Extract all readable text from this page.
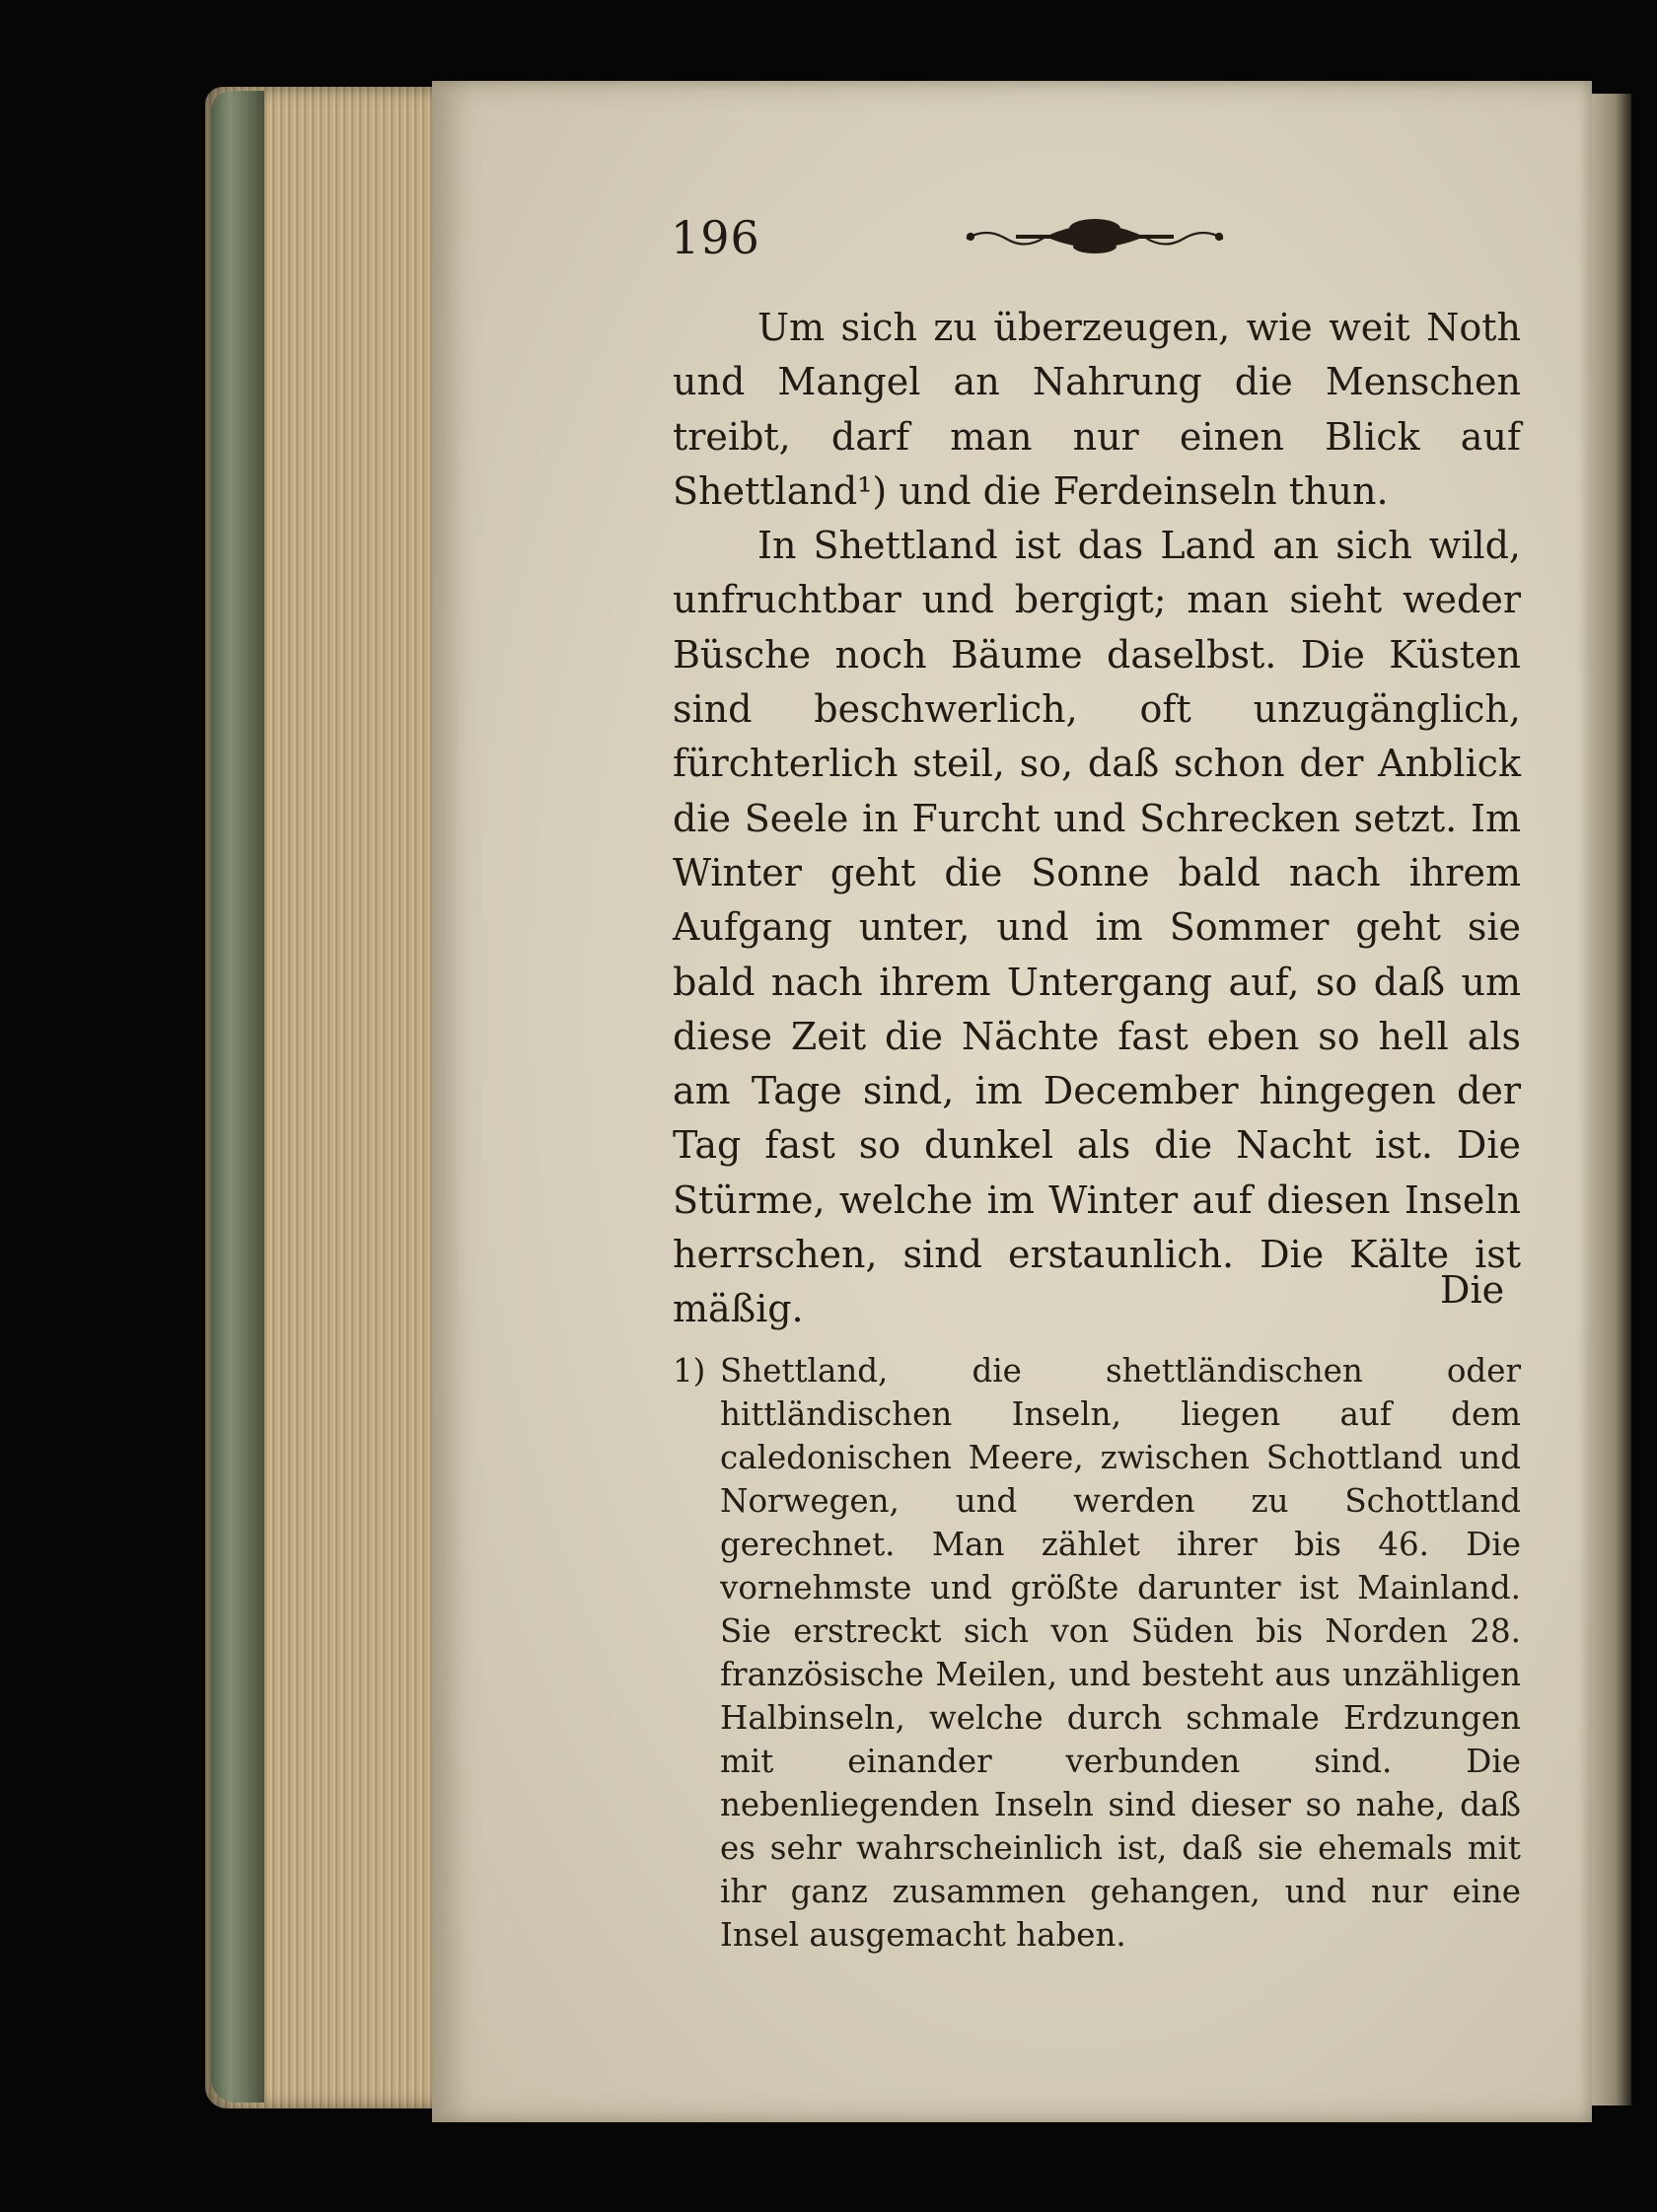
196

Um sich zu überzeugen, wie weit Noth und Mangel an Nahrung die Menschen treibt, darf man nur einen Blick auf Shettland¹) und die Ferdeinseln thun.

In Shettland ist das Land an sich wild, unfruchtbar und bergigt; man sieht weder Büsche noch Bäume daselbst. Die Küsten sind beschwerlich, oft unzugänglich, fürchterlich steil, so, daß schon der Anblick die Seele in Furcht und Schrecken setzt. Im Winter geht die Sonne bald nach ihrem Aufgang unter, und im Sommer geht sie bald nach ihrem Untergang auf, so daß um diese Zeit die Nächte fast eben so hell als am Tage sind, im December hingegen der Tag fast so dunkel als die Nacht ist. Die Stürme, welche im Winter auf diesen Inseln herrschen, sind erstaunlich. Die Kälte ist mäßig.	Die
1) Shettland, die shettländischen oder hittländischen Inseln, liegen auf dem caledonischen Meere, zwischen Schottland und Norwegen, und werden zu Schottland gerechnet. Man zählet ihrer bis 46. Die vornehmste und größte darunter ist Mainland. Sie erstreckt sich von Süden bis Norden 28. französische Meilen, und besteht aus unzähligen Halbinseln, welche durch schmale Erdzungen mit einander verbunden sind. Die nebenliegenden Inseln sind dieser so nahe, daß es sehr wahrscheinlich ist, daß sie ehemals mit ihr ganz zusammen gehangen, und nur eine Insel ausgemacht haben.
